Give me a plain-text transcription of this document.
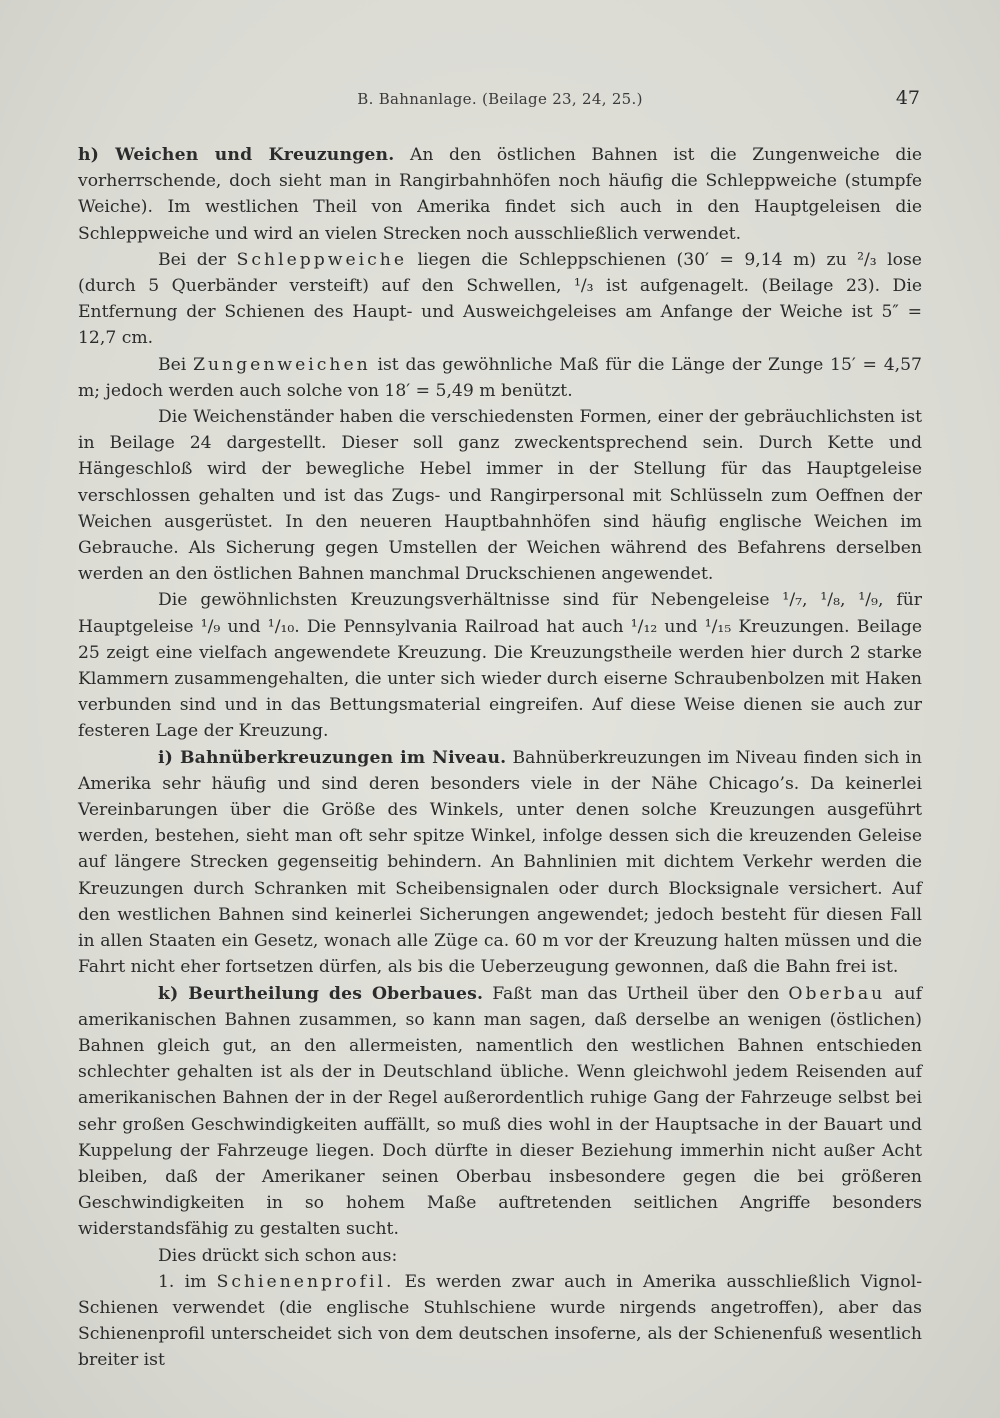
B. Bahnanlage. (Beilage 23, 24, 25.)	47

h) Weichen und Kreuzungen. An den östlichen Bahnen ist die Zungenweiche die vorherrschende, doch sieht man in Rangirbahnhöfen noch häufig die Schleppweiche (stumpfe Weiche). Im westlichen Theil von Amerika findet sich auch in den Hauptgeleisen die Schleppweiche und wird an vielen Strecken noch ausschließlich verwendet.

Bei der Schleppweiche liegen die Schleppschienen (30′ = 9,14 m) zu ²/₃ lose (durch 5 Querbänder versteift) auf den Schwellen, ¹/₃ ist aufgenagelt. (Beilage 23). Die Entfernung der Schienen des Haupt- und Ausweichgeleises am Anfange der Weiche ist 5″ = 12,7 cm.

Bei Zungenweichen ist das gewöhnliche Maß für die Länge der Zunge 15′ = 4,57 m; jedoch werden auch solche von 18′ = 5,49 m benützt.

Die Weichenständer haben die verschiedensten Formen, einer der gebräuchlichsten ist in Beilage 24 dargestellt. Dieser soll ganz zweckentsprechend sein. Durch Kette und Hängeschloß wird der bewegliche Hebel immer in der Stellung für das Hauptgeleise verschlossen gehalten und ist das Zugs- und Rangirpersonal mit Schlüsseln zum Oeffnen der Weichen ausgerüstet. In den neueren Hauptbahnhöfen sind häufig englische Weichen im Gebrauche. Als Sicherung gegen Umstellen der Weichen während des Befahrens derselben werden an den östlichen Bahnen manchmal Druckschienen angewendet.

Die gewöhnlichsten Kreuzungsverhältnisse sind für Nebengeleise ¹/₇, ¹/₈, ¹/₉, für Hauptgeleise ¹/₉ und ¹/₁₀. Die Pennsylvania Railroad hat auch ¹/₁₂ und ¹/₁₅ Kreuzungen. Beilage 25 zeigt eine vielfach angewendete Kreuzung. Die Kreuzungstheile werden hier durch 2 starke Klammern zusammengehalten, die unter sich wieder durch eiserne Schraubenbolzen mit Haken verbunden sind und in das Bettungsmaterial eingreifen. Auf diese Weise dienen sie auch zur festeren Lage der Kreuzung.

i) Bahnüberkreuzungen im Niveau. Bahnüberkreuzungen im Niveau finden sich in Amerika sehr häufig und sind deren besonders viele in der Nähe Chicago’s. Da keinerlei Vereinbarungen über die Größe des Winkels, unter denen solche Kreuzungen ausgeführt werden, bestehen, sieht man oft sehr spitze Winkel, infolge dessen sich die kreuzenden Geleise auf längere Strecken gegenseitig behindern. An Bahnlinien mit dichtem Verkehr werden die Kreuzungen durch Schranken mit Scheibensignalen oder durch Blocksignale versichert. Auf den westlichen Bahnen sind keinerlei Sicherungen angewendet; jedoch besteht für diesen Fall in allen Staaten ein Gesetz, wonach alle Züge ca. 60 m vor der Kreuzung halten müssen und die Fahrt nicht eher fortsetzen dürfen, als bis die Ueberzeugung gewonnen, daß die Bahn frei ist.

k) Beurtheilung des Oberbaues. Faßt man das Urtheil über den Oberbau auf amerikanischen Bahnen zusammen, so kann man sagen, daß derselbe an wenigen (östlichen) Bahnen gleich gut, an den allermeisten, namentlich den westlichen Bahnen entschieden schlechter gehalten ist als der in Deutschland übliche. Wenn gleichwohl jedem Reisenden auf amerikanischen Bahnen der in der Regel außerordentlich ruhige Gang der Fahrzeuge selbst bei sehr großen Geschwindigkeiten auffällt, so muß dies wohl in der Hauptsache in der Bauart und Kuppelung der Fahrzeuge liegen. Doch dürfte in dieser Beziehung immerhin nicht außer Acht bleiben, daß der Amerikaner seinen Oberbau insbesondere gegen die bei größeren Geschwindigkeiten in so hohem Maße auftretenden seitlichen Angriffe besonders widerstandsfähig zu gestalten sucht.

Dies drückt sich schon aus:

1. im Schienenprofil. Es werden zwar auch in Amerika ausschließlich Vignol-Schienen verwendet (die englische Stuhlschiene wurde nirgends angetroffen), aber das Schienenprofil unterscheidet sich von dem deutschen insoferne, als der Schienenfuß wesentlich breiter ist
